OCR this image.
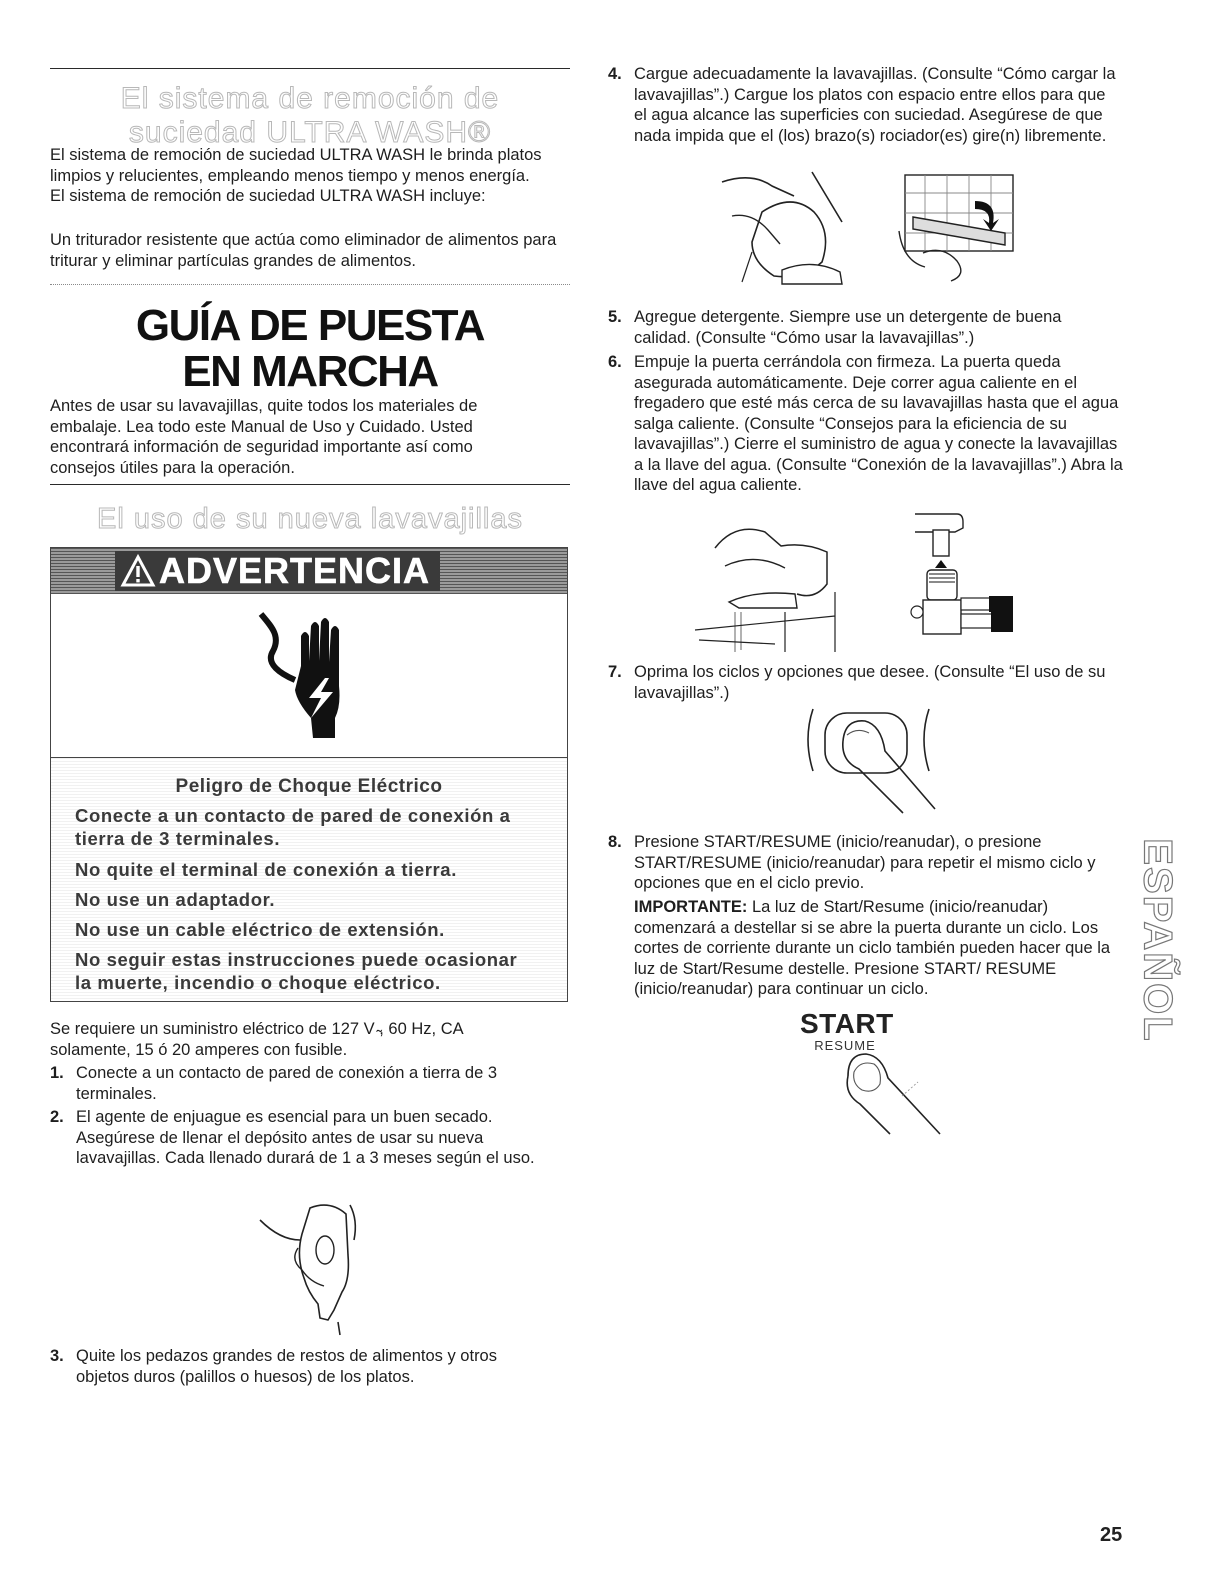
El sistema de remoción de
suciedad ULTRA WASH®

El sistema de remoción de suciedad ULTRA WASH le brinda platos limpios y relucientes, empleando menos tiempo y menos energía. El sistema de remoción de suciedad ULTRA WASH incluye:

Un triturador resistente que actúa como eliminador de alimentos para triturar y eliminar partículas grandes de alimentos.

GUÍA DE PUESTA
EN MARCHA

Antes de usar su lavavajillas, quite todos los materiales de embalaje. Lea todo este Manual de Uso y Cuidado. Usted encontrará información de seguridad importante así como consejos útiles para la operación.

El uso de su nueva lavavajillas
ADVERTENCIA
Peligro de Choque Eléctrico
Conecte a un contacto de pared de conexión a tierra de 3 terminales.
No quite el terminal de conexión a tierra.
No use un adaptador.
No use un cable eléctrico de extensión.
No seguir estas instrucciones puede ocasionar la muerte, incendio o choque eléctrico.

Se requiere un suministro eléctrico de 127 V ̴, 60 Hz, CA solamente, 15 ó 20 amperes con fusible.

1. Conecte a un contacto de pared de conexión a tierra de 3 terminales.
2. El agente de enjuague es esencial para un buen secado. Asegúrese de llenar el depósito antes de usar su nueva lavavajillas. Cada llenado durará de 1 a 3 meses según el uso.
3. Quite los pedazos grandes de restos de alimentos y otros objetos duros (palillos o huesos) de los platos.
4. Cargue adecuadamente la lavavajillas. (Consulte “Cómo cargar la lavavajillas”.) Cargue los platos con espacio entre ellos para que el agua alcance las superficies con suciedad. Asegúrese de que nada impida que el (los) brazo(s) rociador(es) gire(n) libremente.
5. Agregue detergente. Siempre use un detergente de buena calidad. (Consulte “Cómo usar la lavavajillas”.)
6. Empuje la puerta cerrándola con firmeza. La puerta queda asegurada automáticamente. Deje correr agua caliente en el fregadero que esté más cerca de su lavavajillas hasta que el agua salga caliente. (Consulte “Consejos para la eficiencia de su lavavajillas”.) Cierre el suministro de agua y conecte la lavavajillas a la llave del agua. (Consulte “Conexión de la lavavajillas”.) Abra la llave del agua caliente.
7. Oprima los ciclos y opciones que desee. (Consulte “El uso de su lavavajillas”.)
8. Presione START/RESUME (inicio/reanudar), o presione START/RESUME (inicio/reanudar) para repetir el mismo ciclo y opciones que en el ciclo previo.

IMPORTANTE: La luz de Start/Resume (inicio/reanudar) comenzará a destellar si se abre la puerta durante un ciclo. Los cortes de corriente durante un ciclo también pueden hacer que la luz de Start/Resume destelle. Presione START/ RESUME (inicio/reanudar) para continuar un ciclo.

START
RESUME
ESPAÑOL
25
